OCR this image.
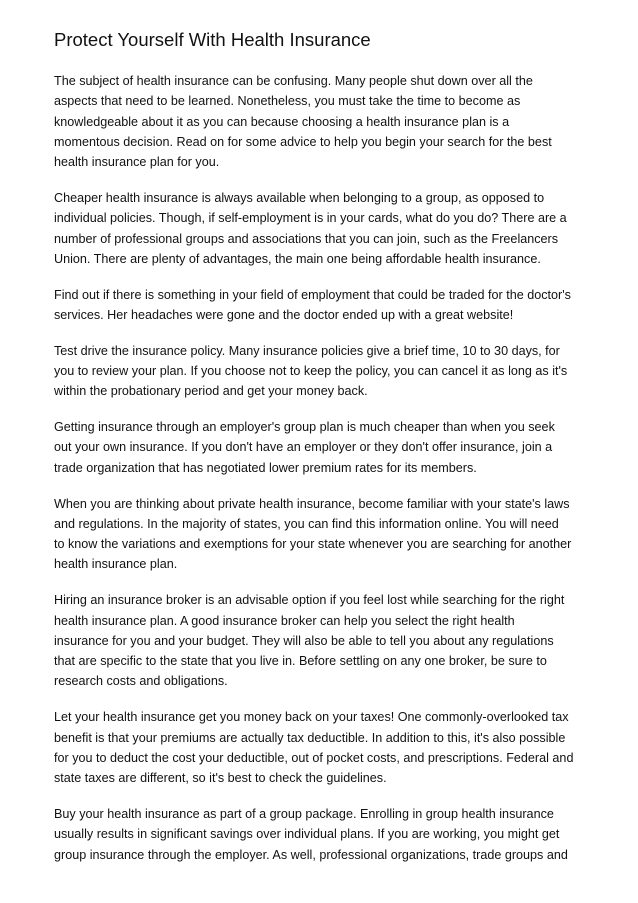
Protect Yourself With Health Insurance

The subject of health insurance can be confusing. Many people shut down over all the
aspects that need to be learned. Nonetheless, you must take the time to become as
knowledgeable about it as you can because choosing a health insurance plan is a
momentous decision. Read on for some advice to help you begin your search for the best
health insurance plan for you.

Cheaper health insurance is always available when belonging to a group, as opposed to
individual policies. Though, if self-employment is in your cards, what do you do? There are a
number of professional groups and associations that you can join, such as the Freelancers
Union. There are plenty of advantages, the main one being affordable health insurance.

Find out if there is something in your field of employment that could be traded for the doctor's
services. Her headaches were gone and the doctor ended up with a great website!

Test drive the insurance policy. Many insurance policies give a brief time, 10 to 30 days, for
you to review your plan. If you choose not to keep the policy, you can cancel it as long as it's
within the probationary period and get your money back.

Getting insurance through an employer's group plan is much cheaper than when you seek
out your own insurance. If you don't have an employer or they don't offer insurance, join a
trade organization that has negotiated lower premium rates for its members.

When you are thinking about private health insurance, become familiar with your state's laws
and regulations. In the majority of states, you can find this information online. You will need
to know the variations and exemptions for your state whenever you are searching for another
health insurance plan.

Hiring an insurance broker is an advisable option if you feel lost while searching for the right
health insurance plan. A good insurance broker can help you select the right health
insurance for you and your budget. They will also be able to tell you about any regulations
that are specific to the state that you live in. Before settling on any one broker, be sure to
research costs and obligations.

Let your health insurance get you money back on your taxes! One commonly-overlooked tax
benefit is that your premiums are actually tax deductible. In addition to this, it's also possible
for you to deduct the cost your deductible, out of pocket costs, and prescriptions. Federal and
state taxes are different, so it's best to check the guidelines.

Buy your health insurance as part of a group package. Enrolling in group health insurance
usually results in significant savings over individual plans. If you are working, you might get
group insurance through the employer. As well, professional organizations, trade groups and
